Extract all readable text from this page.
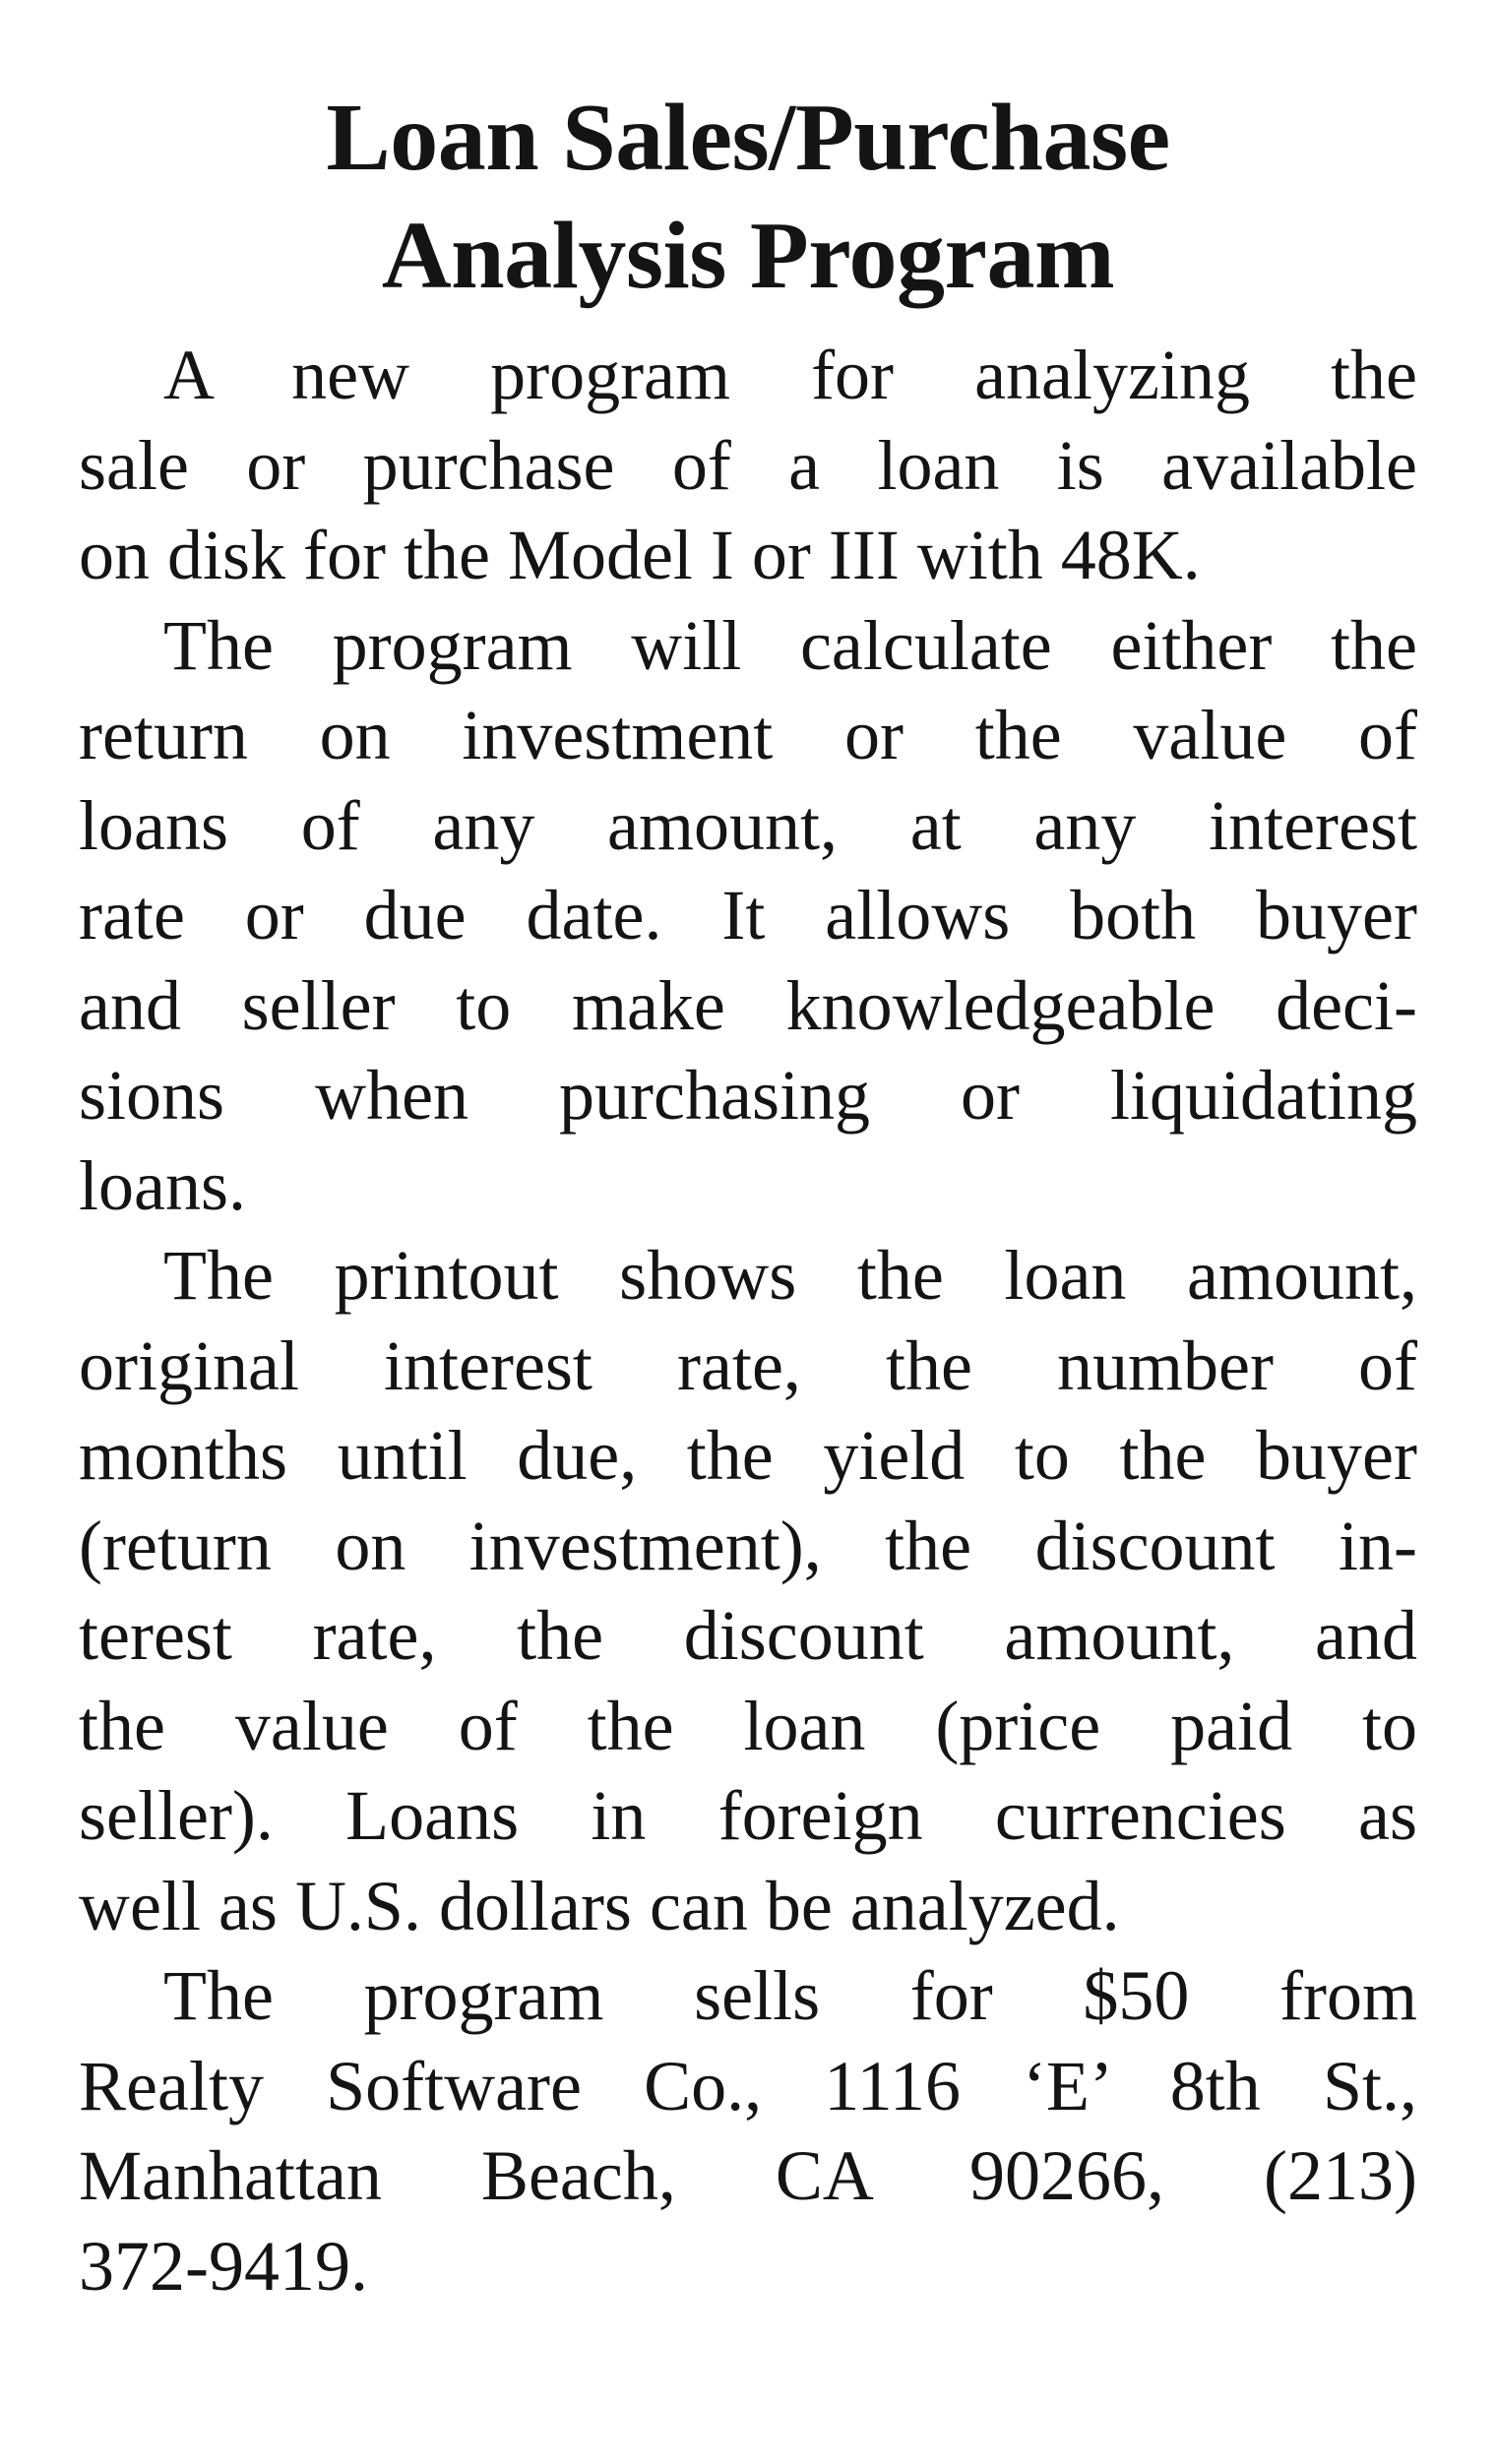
Loan Sales/Purchase
Analysis Program

A new program for analyzing the
sale or purchase of a loan is available
on disk for the Model I or III with 48K.

The program will calculate either the
return on investment or the value of
loans of any amount, at any interest
rate or due date. It allows both buyer
and seller to make knowledgeable deci-
sions when purchasing or liquidating
loans.

The printout shows the loan amount,
original interest rate, the number of
months until due, the yield to the buyer
(return on investment), the discount in-
terest rate, the discount amount, and
the value of the loan (price paid to
seller). Loans in foreign currencies as
well as U.S. dollars can be analyzed.

The program sells for $50 from
Realty Software Co., 1116 ‘E’ 8th St.,
Manhattan Beach, CA 90266, (213)
372-9419.
